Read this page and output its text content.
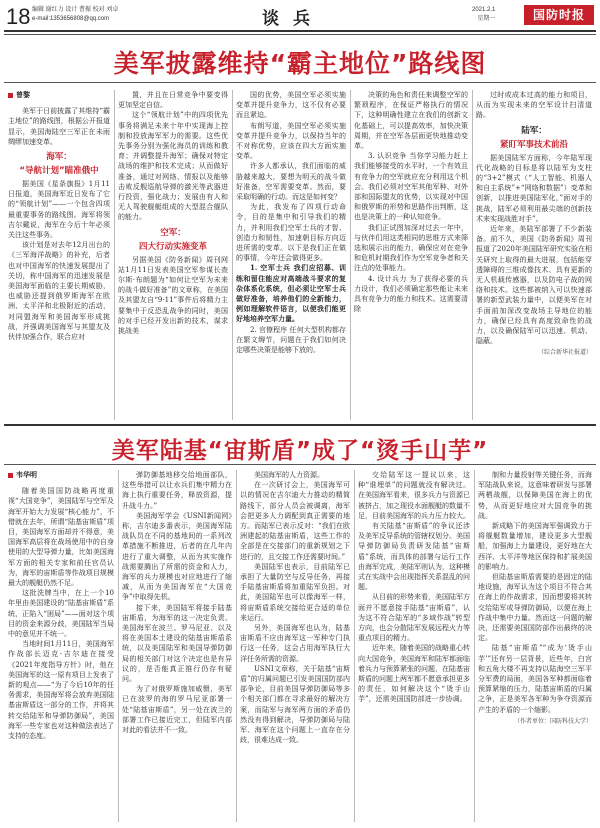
18 编辑 谢红力 设计 曹振 校对 刘卓
e-mail:1353656808@qq.com	谈兵	2021.2.1
星期一	国防时报
美军披露维持“霸主地位”路线图
曾黎

美军于日前披露了其维持“霸主地位”的路线图，根据公开报道显示，美国海陆空三军正在未雨绸缪加速变革。

海军：
“导航计划”瞄准俄中

据美国《星条旗报》1月11日报道，美国海军近日发布了它的“领航计划”——一个包含四项最重要事务的路线图。海军将领吉尔戴说，海军在今后十年必须关注这些事务。

该计划是对去年12月出台的《三军海洋战略》的补充，后者也对中国海军的快速发展提出了关切，称中国海军的迅速发展是美国海军面临的主要长期威胁，也威胁还提到俄罗斯海军在欧洲、太平洋和北极附近的活动，对同盟海军和美国海军形成挑战，并强调美国海军与其盟友及伙伴加强合作，联合应对

置，并且在日常竞争中要变得更加坚定自信。

这个“领航计划”中的四项优先事务将满足未来十年中实现海上控制和投放海军军力的需要。这些优先事务分别为强化海员的训练和教育；并调整提升海军；确保对特定战场的维护和技术完成；从而做好准备，通过对网络、情报以及能够击败反舰巡航导弹的激光等武器进行投资，强化战力；发展由有人和无人驾驶舰艇组成的大型混合舰队的能力。

空军：
四大行动实施变革

另据美国《防务新闻》周刊网站1月11日发表美国空军参谋长查尔斯·布朗题为“如何让空军为未来的战斗做好准备”的文章称，在美国及其盟友自“9·11”事件后将精力主要集中于反恐乱战争的同时，美国的对手已经开发出新的技术，谋求挑战美

国的优势，美国空军必须实施变革并提升竞争力，这不仅有必要而且紧迫。

布朗写道，美国空军必须实施变革并提升竞争力，以保持当年的不对称优势，应该在四大方面实施变革。

许多人都承认，我们面临的威胁越来越大，要想为明天的战斗做好准备，空军需要变革。然而，要采取明确的行动。而这是如何变？

为此，我发布了四项行动命令，目的是集中和引导我们的精力，并利用我们空军士兵的才智、创造力和韧性，加速朝目标方向迈进所需的变革。以下是我们正在做的事情，今年还会做得更多。

1. 空军士兵 我们应招募、训练和留住能应对高端战斗要求的复杂体系化系统，但必须让空军士兵做好准备，培养他们的全新能力，例如理解软件语言，以便我们能更好地培养空军力量。

2. 官僚程序 任何大型机构都存在繁文缛节，问题在于我们如何决定哪些决策是能够下放的。

决策的角色和责任来调整空军的繁琐程序，在保证严格执行的情况下，这种明确性建立在我们的创新文化基础上，可以提高效率，加快决策周期，并在空军各层面更快地推动变革。

3. 认识竞争 当你学习能力赶上我们能够接受的水平时，一个有效且有竞争力的空军就应充分利用这个机会。我们必须对空军其他军种、对外部和国际盟友的优势，以实现对中国和俄罗斯的形势和思路作出判断，这也是决策上的一种认知竞争。

我们正试图加深对过去一年中，与伙伴们用这类相同的思维方式来筛选和展示出的能力，确保应对在竞争和危机时期我们作为空军竞争者和关注点的处事能力。

4. 设计兵力 为了获得必要的兵力设计，我们必须确定那些能让未来具有竞争力的能力和技术。这需要清除

过时或成本过高的能力和项目，从而为实现未来的空军设计扫清道路。

陆军：
紧盯军事技术前沿

据美国陆军方面称，今年陆军现代化战略的目标是将以陆军为支柱的“3+2”模式（“人工智能、机器人和自主系统”+“网络和数据”）变革和创新，以推进美国陆军化，”面对手的挑战，陆军必须利用最尖端的创新技术来实现战胜对手”。

近年来，美陆军部署了不少新装备。前不久，美国《防务新闻》周刊报道了2020年美国陆军研究实验在相关研究上取得的最大进展，包括能穿透障碍的三维成像技术、具有更新的无人机载传感器，以及防电子战的网络和技术。这些都被纳入可以快速部署的新型武装力量中，以便美军在对手面前加深改变战场主导地位的能力，确保已经具有高度致命性的战力，以及确保陆军可以迅速、机动、隐蔽。

（综合新华社报道）
美军陆基“宙斯盾”成了“烫手山芋”
韦华明

随着美国国防战略再度重视“大国竞争”，美国陆军与空军及海军开始大力发展“核心能力”，不错就在去年，所谓“陆基宙斯盾”项目，美国海军方面却并不得意，美国海军高层将在战场使用中的自身使用的大型导弹力量，比如美国海军方面的相关专家和前任官员认为，海军的宙斯盾等作战项目规模最大的舰艇仍然不足。

这批洗牌当中，在上一个10年里由美国建设的“陆基宙斯盾”系统，正陷入“困局”——面对这个项目的资金来源分歧，美国陆军当局中的意见并不统一。

当地时间1月11日，美国海军作战部长迈克·吉尔迪在接受《2021年度指导方针》时，他在美国海军的这一原有项目上发表了新的观点——“为了今后10年的任务需求，美国海军将会放弃美国陆基宙斯盾这一部分的工作，并将其转交给陆军和导弹防御局”，美国海军一些专家也对这种做法表达了支持的态度。

弹防御基地移交给地面部队，这些举措可以让水兵们集中精力在海上执行重要任务，释放资源，提升战斗力。”

美国海军学会《USNI新闻网》称，吉尔迪多番表示，美国海军陆战队员在不同的基地间的一系列改革措施不断推进，后者的在几年内进行了重大调整，从而为其实施作战需要腾出了所需的资金和人力，海军的兵力规模也对应地进行了缩减，从而为美国海军在“大国竞争”中取得先机。

接下来，美国陆军将接手陆基宙斯盾，为海军的这一决定负责。美国海军在波兰、罗马尼亚、以及将在美国本土建设的陆基宙斯盾系统，以及美国陆军和美国导弹防御局的相关部门对这个决定也是有异议的，是否能真正推行仍存有疑问。

为了对俄罗斯施加威慑，美军已在波罗的海的罗马尼亚部署一处“陆基宙斯盾”，另一处在波兰的部署工作已接近完工，但陆军内部对此的看法并不一致。

美国海军的人力资源。

在一次研讨会上，美国海军可以的情况在吉尔迪大力推动的精简路线下，部分人员会被调离，海军会把更多人力调配到真正需要的地方。而陆军已表示反对：“我们在欧洲建起的陆基宙斯盾，这些工作的全部是在交接部门的重新规划之下进行的，且交接工作还需要时间。”

美国陆军也表示，目前陆军已承担了大量防空与反导任务，再接手陆基宙斯盾将加重陆军负担。对此，美国陆军也可以像海军一样，将宙斯盾系统交接给更合适的单位来运行。

另外，美国海军也认为，陆基宙斯盾不应由海军这一军种专门执行这一任务，这会占用海军执行大洋任务所需的资源。

USNI文章称，关于陆基“宙斯盾”的归属问题已引发美国国防部内部争论，目前美国导弹防御局等多个相关部门都在寻求最好的解决方案，而陆军与海军两方面的矛盾仍然没有得到解决，导弹防御局与陆军、海军在这个问题上一直存在分歧，很难达成一致。

交给陆军这一提议以来，这种“谁埋单”的问题就没有解决过。在美国海军看来，很多兵力与资源已被挤占，加之现役水面舰艇的数量不足，目前美国海军的兵力压力较大。

有关陆基“宙斯盾”的争议还涉及美军反导系统的管辖权划分。美国导弹防御局负责研发陆基“宙斯盾”系统，而具体的部署与运行工作由海军完成，美陆军则认为，这种模式在实战中会出现指挥关系混乱的问题。

从目前的形势来看，美国陆军方面并不愿意接手陆基“宙斯盾”，认为这不符合陆军的“多域作战”转型方向，也会分散陆军发展远程火力等重点项目的精力。

近年来，随着美国的战略重心转向大国竞争，美国海军和陆军都面临着兵力与预算紧张的问题，在陆基宙斯盾的问题上两军都不愿意承担更多的责任，如何解决这个“烫手山芋”，还需美国国防部进一步协调。

制和力量投射等关键任务，而海军陆战队来说，这意味着研发与部署两栖战舰，以保障美国在海上的优势，从而更好地应对大国竞争的挑战。

新成略下的美国海军强调致力于将舰艇数量增加，建设更多大型舰船，加强海上力量建设，更好地在大西洋、太平洋等地区保持和扩展美国的影响力。

但陆基宙斯盾需要的是固定的陆地设施，海军认为这个项目不符合其在海上的作战需求，因而想要将其转交给陆军或导弹防御局，以便在海上作战中集中力量。然而这一问题的解决，还需要美国国防部作出最终的决定。

陆基“宙斯盾”“成为‘烫手山芋’”还有另一层背景，近些年，白宫和五角大楼不再支持以陆海空三军平分军费的局面，美国各军种都面临着预算紧缩的压力，陆基宙斯盾的归属之争，正是美军各军种为争夺资源而产生的矛盾的一个缩影。

（作者单位：国防科技大学）
